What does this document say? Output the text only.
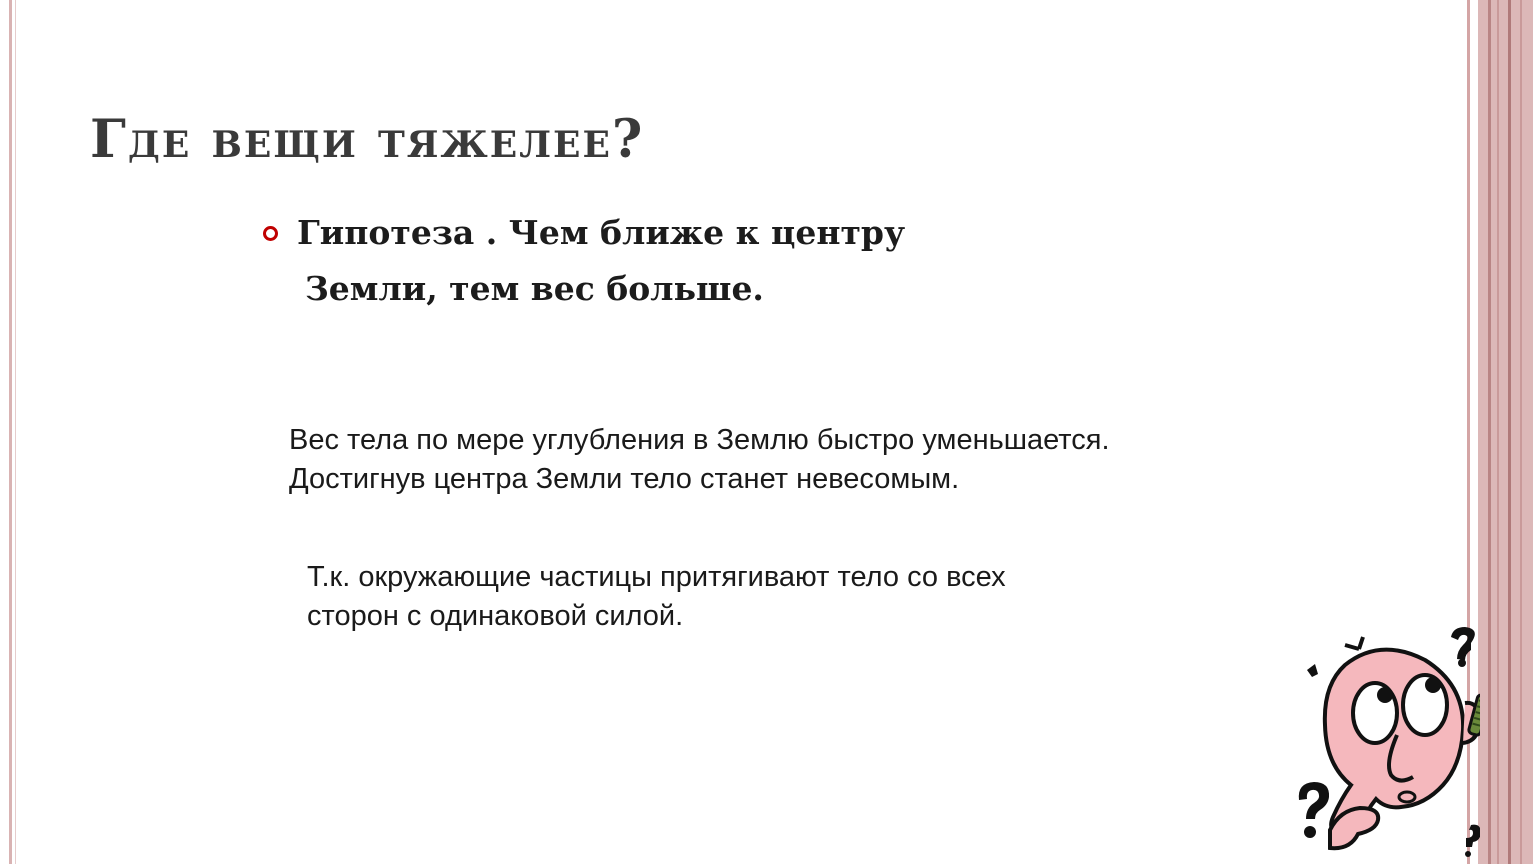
Где вещи тяжелее?

Гипотеза . Чем ближе к центру

Земли, тем вес больше.

Вес тела по мере углубления в Землю быстро уменьшается.

Достигнув центра Земли тело станет невесомым.

Т.к. окружающие частицы притягивают тело со всех

сторон с одинаковой силой.
